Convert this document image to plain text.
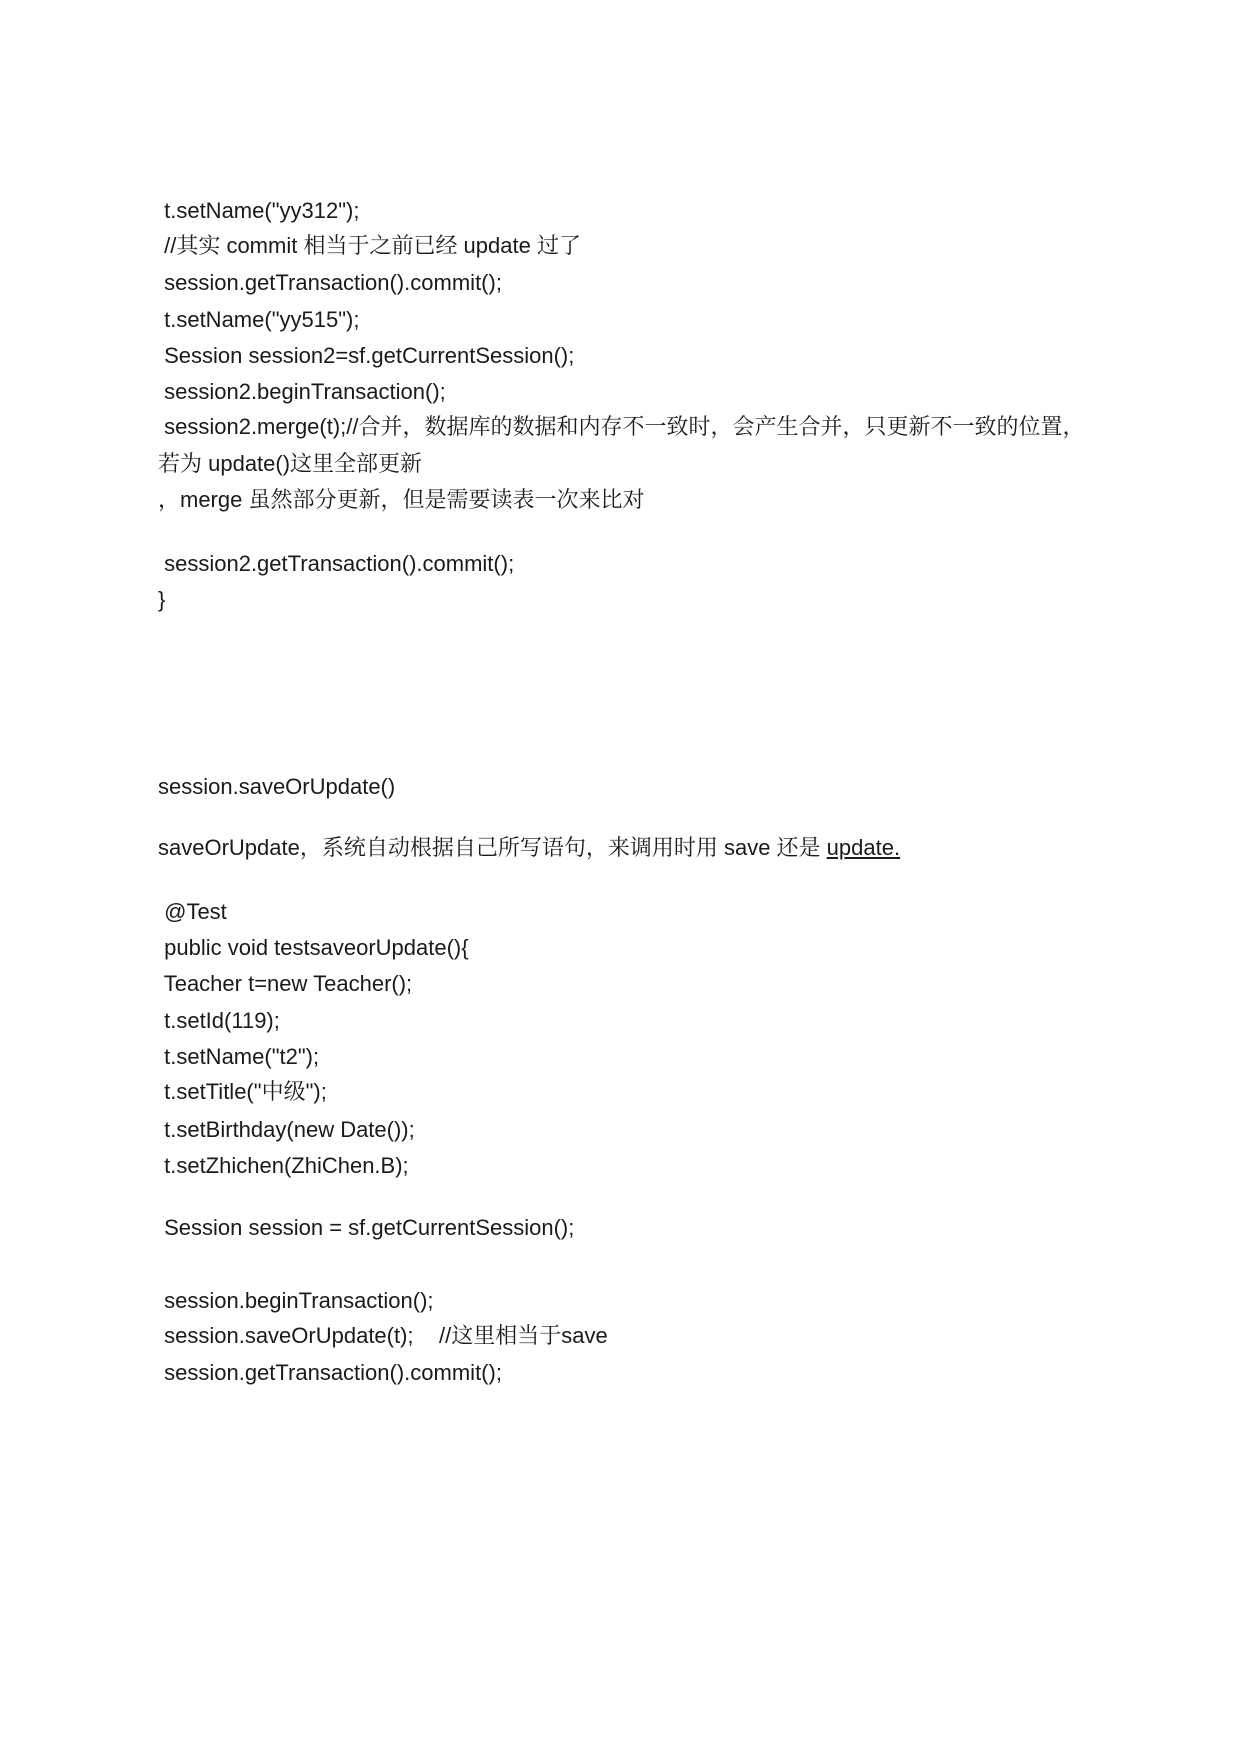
t.setName("yy312");
//其实 commit 相当于之前已经 update 过了
session.getTransaction().commit();
t.setName("yy515");
Session session2=sf.getCurrentSession();
session2.beginTransaction();
session2.merge(t);//合并，数据库的数据和内存不一致时，会产生合并，只更新不一致的位置，
若为 update()这里全部更新
，merge 虽然部分更新，但是需要读表一次来比对
session2.getTransaction().commit();
}
session.saveOrUpdate()
saveOrUpdate，系统自动根据自己所写语句，来调用时用 save 还是 update.
@Test
public void testsaveorUpdate(){
Teacher t=new Teacher();
t.setId(119);
t.setName("t2");
t.setTitle("中级");
t.setBirthday(new Date());
t.setZhichen(ZhiChen.B);
Session session = sf.getCurrentSession();
session.beginTransaction();
session.saveOrUpdate(t); //这里相当于save
session.getTransaction().commit();
